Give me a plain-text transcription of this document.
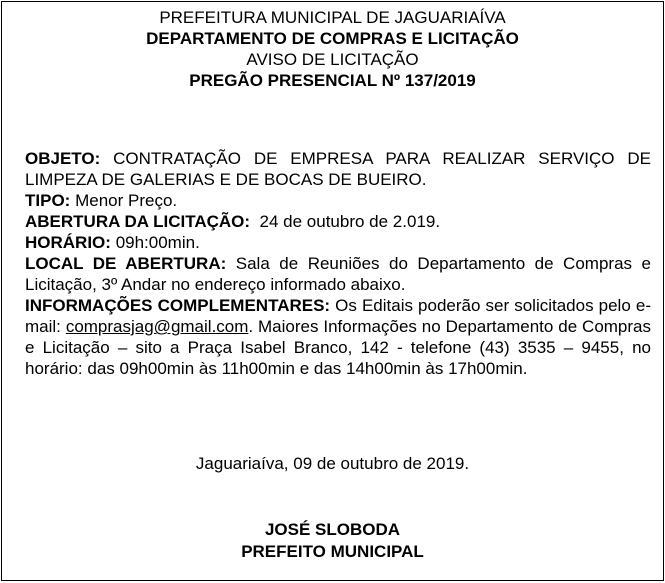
PREFEITURA MUNICIPAL DE JAGUARIAÍVA
DEPARTAMENTO DE COMPRAS E LICITAÇÃO
AVISO DE LICITAÇÃO
PREGÃO PRESENCIAL Nº 137/2019
OBJETO: CONTRATAÇÃO DE EMPRESA PARA REALIZAR SERVIÇO DE LIMPEZA DE GALERIAS E DE BOCAS DE BUEIRO.
TIPO: Menor Preço.
ABERTURA DA LICITAÇÃO: 24 de outubro de 2.019.
HORÁRIO: 09h:00min.
LOCAL DE ABERTURA: Sala de Reuniões do Departamento de Compras e Licitação, 3º Andar no endereço informado abaixo.
INFORMAÇÕES COMPLEMENTARES: Os Editais poderão ser solicitados pelo e-mail: comprasjag@gmail.com. Maiores Informações no Departamento de Compras e Licitação – sito a Praça Isabel Branco, 142 - telefone (43) 3535 – 9455, no horário: das 09h00min às 11h00min e das 14h00min às 17h00min.
Jaguariaíva, 09 de outubro de 2019.
JOSÉ SLOBODA
PREFEITO MUNICIPAL
